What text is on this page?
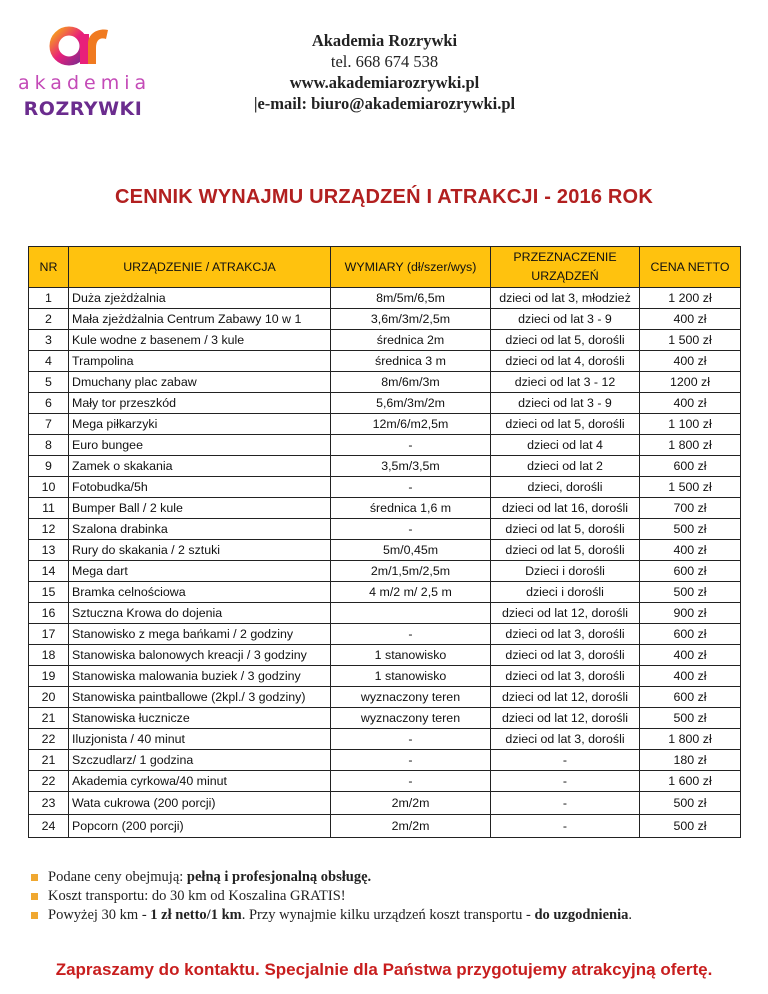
akademia
ROZRYWKI
Akademia Rozrywki
tel. 668 674 538
www.akademiarozrywki.pl
|e-mail: biuro@akademiarozrywki.pl
CENNIK WYNAJMU URZĄDZEŃ I ATRAKCJI - 2016 ROK
NR	URZĄDZENIE / ATRAKCJA	WYMIARY (dł/szer/wys)	PRZEZNACZENIE
URZĄDZEŃ	CENA NETTO
1	Duża zjeżdżalnia	8m/5m/6,5m	dzieci od lat 3, młodzież	1 200 zł
2	Mała zjeżdżalnia Centrum Zabawy 10 w 1	3,6m/3m/2,5m	dzieci od lat 3 - 9	400 zł
3	Kule wodne z basenem / 3 kule	średnica 2m	dzieci od lat 5, dorośli	1 500 zł
4	Trampolina	średnica 3 m	dzieci od lat 4, dorośli	400 zł
5	Dmuchany plac zabaw	8m/6m/3m	dzieci od lat 3 - 12	1200 zł
6	Mały tor przeszkód	5,6m/3m/2m	dzieci od lat 3 - 9	400 zł
7	Mega piłkarzyki	12m/6/m2,5m	dzieci od lat 5, dorośli	1 100 zł
8	Euro bungee	-	dzieci od lat 4	1 800 zł
9	Zamek o skakania	3,5m/3,5m	dzieci od lat 2	600 zł
10	Fotobudka/5h	-	dzieci, dorośli	1 500 zł
11	Bumper Ball / 2 kule	średnica 1,6 m	dzieci od lat 16, dorośli	700 zł
12	Szalona drabinka	-	dzieci od lat 5, dorośli	500 zł
13	Rury do skakania / 2 sztuki	5m/0,45m	dzieci od lat 5, dorośli	400 zł
14	Mega dart	2m/1,5m/2,5m	Dzieci i dorośli	600 zł
15	Bramka celnościowa	4 m/2 m/ 2,5 m	dzieci i dorośli	500 zł
16	Sztuczna Krowa do dojenia		dzieci od lat 12, dorośli	900 zł
17	Stanowisko z mega bańkami / 2 godziny	-	dzieci od lat 3, dorośli	600 zł
18	Stanowiska balonowych kreacji / 3 godziny	1 stanowisko	dzieci od lat 3, dorośli	400 zł
19	Stanowiska malowania buziek / 3 godziny	1 stanowisko	dzieci od lat 3, dorośli	400 zł
20	Stanowiska paintballowe (2kpl./ 3 godziny)	wyznaczony teren	dzieci od lat 12, dorośli	600 zł
21	Stanowiska łucznicze	wyznaczony teren	dzieci od lat 12, dorośli	500 zł
22	Iluzjonista / 40 minut	-	dzieci od lat 3, dorośli	1 800 zł
21	Szczudlarz/ 1 godzina	-	-	180 zł
22	Akademia cyrkowa/40 minut	-	-	1 600 zł
23	Wata cukrowa (200 porcji)	2m/2m	-	500 zł
24	Popcorn (200 porcji)	2m/2m	-	500 zł
Podane ceny obejmują: pełną i profesjonalną obsługę.
Koszt transportu: do 30 km od Koszalina GRATIS!
Powyżej 30 km - 1 zł netto/1 km. Przy wynajmie kilku urządzeń koszt transportu - do uzgodnienia.
Zapraszamy do kontaktu. Specjalnie dla Państwa przygotujemy atrakcyjną ofertę.
